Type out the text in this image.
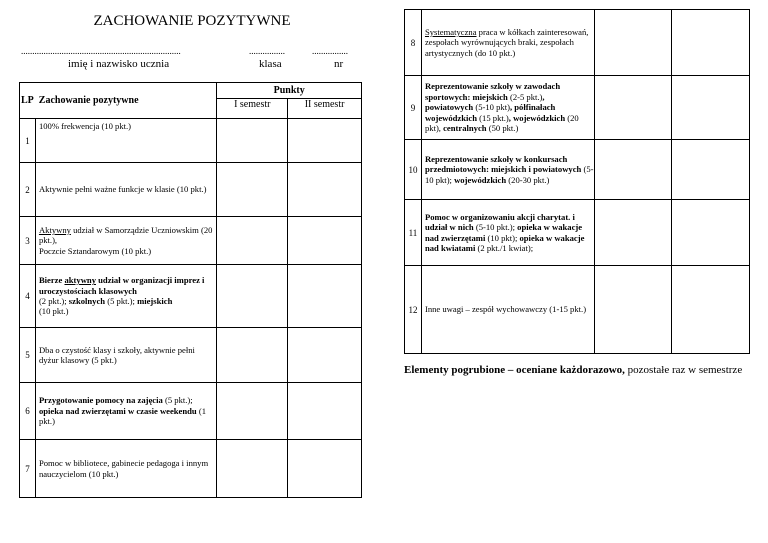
ZACHOWANIE POZYTYWNE
.......................................................................
imię i nazwisko ucznia
................
klasa
................
nr
LP Zachowanie pozytywne		Punkty	
		I semestr	II semestr
1	100% frekwencja (10 pkt.)		
2	Aktywnie pełni ważne funkcje w klasie (10 pkt.)		
3	Aktywny udział w Samorządzie Uczniowskim (20 pkt.),
Poczcie Sztandarowym (10 pkt.)		
4	Bierze aktywny udział w organizacji imprez i uroczystościach klasowych
(2 pkt.); szkolnych (5 pkt.); miejskich
(10 pkt.)		
5	Dba o czystość klasy i szkoły, aktywnie pełni dyżur klasowy (5 pkt.)		
6	Przygotowanie pomocy na zajęcia (5 pkt.);
opieka nad zwierzętami w czasie weekendu (1 pkt.)		
7	Pomoc w bibliotece, gabinecie pedagoga i innym nauczycielom (10 pkt.)		
8	Systematyczna praca w kółkach zainteresowań, zespołach wyrównujących braki, zespołach artystycznych (do 10 pkt.)		
9	Reprezentowanie szkoły w zawodach sportowych: miejskich (2-5 pkt.), powiatowych (5-10 pkt), półfinałach wojewódzkich (15 pkt.), wojewódzkich (20 pkt), centralnych (50 pkt.)		
10	Reprezentowanie szkoły w konkursach przedmiotowych: miejskich i powiatowych (5-10 pkt); wojewódzkich (20-30 pkt.)		
11	Pomoc w organizowaniu akcji charytat. i udział w nich (5-10 pkt.); opieka w wakacje nad zwierzętami (10 pkt); opieka w wakacje nad kwiatami (2 pkt./1 kwiat);		
12	Inne uwagi – zespół wychowawczy (1-15 pkt.)		
Elementy pogrubione – oceniane każdorazowo, pozostałe raz w semestrze
